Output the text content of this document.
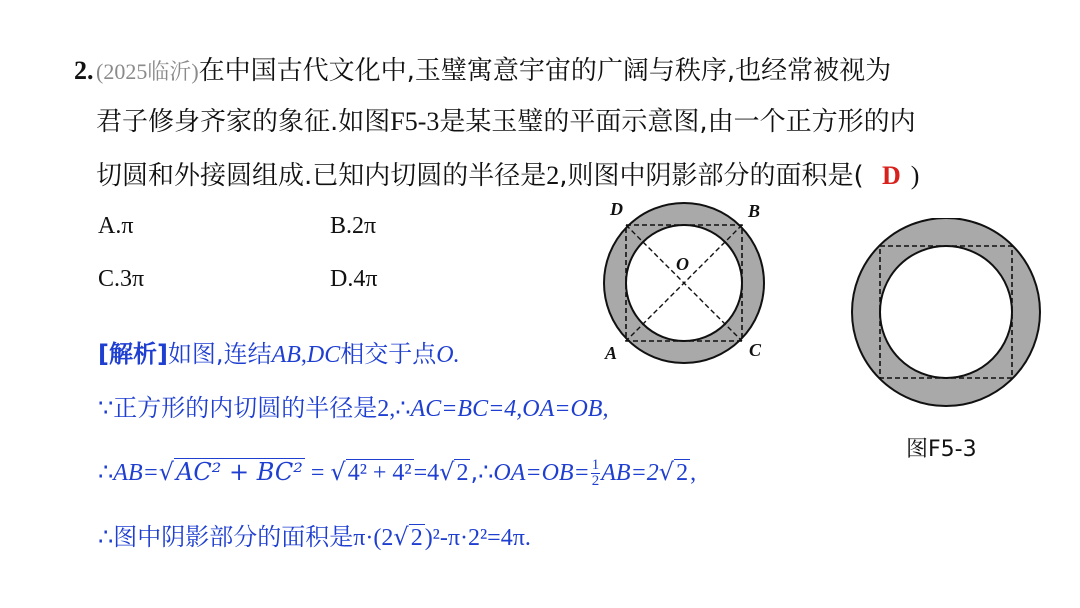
2. (2025临沂)在中国古代文化中,玉璧寓意宇宙的广阔与秩序,也经常被视为
君子修身齐家的象征.如图F5-3是某玉璧的平面示意图,由一个正方形的内
切圆和外接圆组成.已知内切圆的半径是2,则图中阴影部分的面积是( D )
A.π	B.2π
C.3π	D.4π
D	B
O
A	C
图F5-3
[解析]如图,连结AB,DC相交于点O.
∵正方形的内切圆的半径是2,∴AC=BC=4,OA=OB,
∴AB=√AC² + BC² = √4² + 4²=4√2,∴OA=OB= $\frac{1}{2} AB=2√2$,
∴图中阴影部分的面积是π·(2√2)²-π·2²=4π.
